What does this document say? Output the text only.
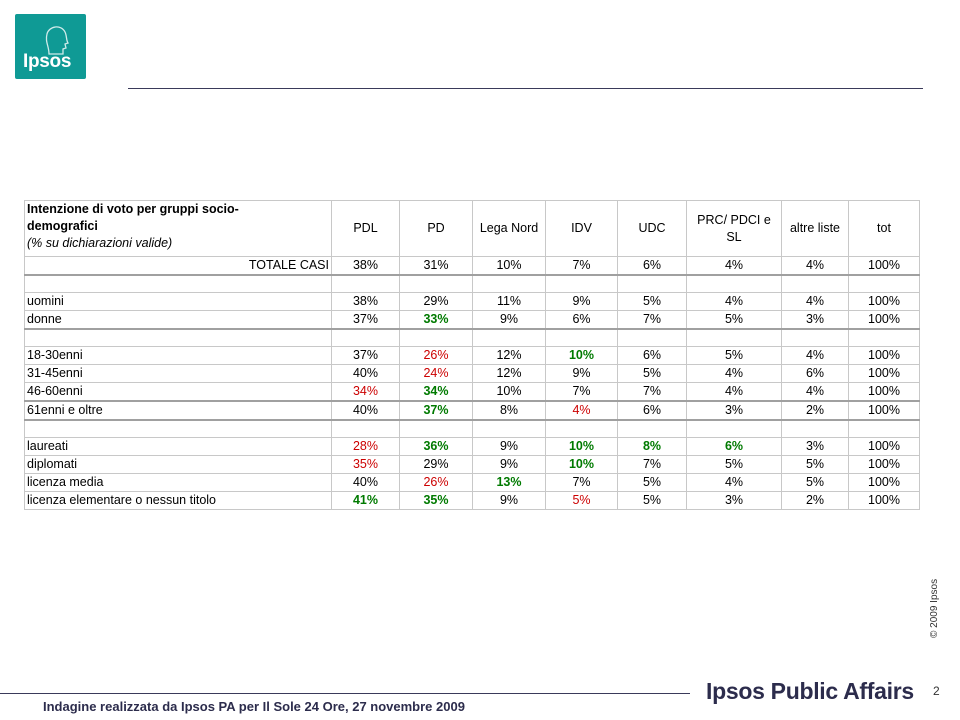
Ipsos
Intenzione di voto per gruppi socio-
demografici
(% su dichiarazioni valide)	PDL	PD	Lega Nord	IDV	UDC	PRC/ PDCI e SL	altre liste	tot
TOTALE CASI	38%	31%	10%	7%	6%	4%	4%	100%

uomini	38%	29%	11%	9%	5%	4%	4%	100%
donne	37%	33%	9%	6%	7%	5%	3%	100%

18-30enni	37%	26%	12%	10%	6%	5%	4%	100%
31-45enni	40%	24%	12%	9%	5%	4%	6%	100%
46-60enni	34%	34%	10%	7%	7%	4%	4%	100%
61enni e oltre	40%	37%	8%	4%	6%	3%	2%	100%

laureati	28%	36%	9%	10%	8%	6%	3%	100%
diplomati	35%	29%	9%	10%	7%	5%	5%	100%
licenza media	40%	26%	13%	7%	5%	4%	5%	100%
licenza elementare o nessun titolo	41%	35%	9%	5%	5%	3%	2%	100%
© 2009 Ipsos
2
Indagine realizzata da Ipsos PA per Il Sole 24 Ore, 27 novembre 2009
Ipsos Public Affairs
